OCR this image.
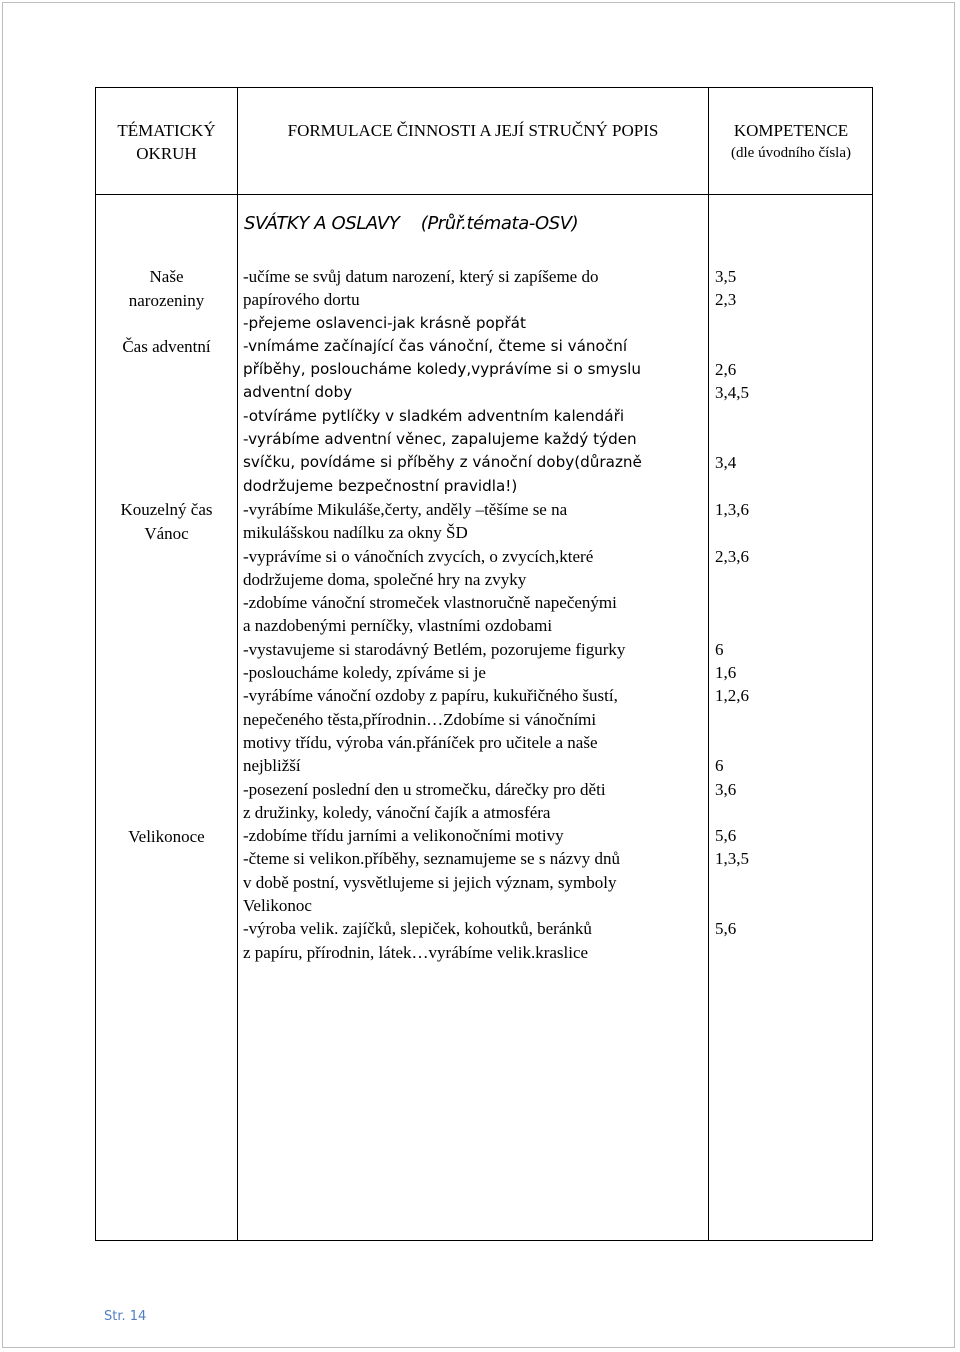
TÉMATICKÝ
OKRUH
FORMULACE ČINNOSTI A JEJÍ STRUČNÝ POPIS	KOMPETENCE
(dle úvodního čísla)
SVÁTKY A OSLAVY    (Průř.témata-OSV)
Naše
narozeniny
Čas adventní
Kouzelný čas
Vánoc
Velikonoce
-učíme se svůj datum narození, který si zapíšeme do
papírového dortu
-přejeme oslavenci-jak krásně popřát
-vnímáme začínající čas vánoční, čteme si vánoční
příběhy, posloucháme koledy,vyprávíme si o smyslu
adventní doby
-otvíráme pytlíčky v sladkém adventním kalendáři
-vyrábíme adventní věnec, zapalujeme každý týden
svíčku, povídáme si příběhy z vánoční doby(důrazně
dodržujeme bezpečnostní pravidla!)
-vyrábíme Mikuláše,čerty, anděly –těšíme se na
mikulášskou nadílku za okny ŠD
-vyprávíme si o vánočních zvycích, o zvycích,které
dodržujeme doma, společné hry na zvyky
-zdobíme vánoční stromeček vlastnoručně napečenými
a nazdobenými perníčky, vlastními ozdobami
-vystavujeme si starodávný Betlém, pozorujeme figurky
-posloucháme koledy, zpíváme si je
-vyrábíme vánoční ozdoby z papíru, kukuřičného šustí,
nepečeného těsta,přírodnin…Zdobíme si vánočními
motivy třídu, výroba ván.přáníček pro učitele a naše
nejbližší
-posezení poslední den u stromečku, dárečky pro děti
z družinky, koledy, vánoční čajík a atmosféra
-zdobíme třídu jarními a velikonočními motivy
-čteme si velikon.příběhy, seznamujeme se s názvy dnů
v době postní, vysvětlujeme si jejich význam, symboly
Velikonoc
-výroba velik. zajíčků, slepiček, kohoutků, beránků
z papíru, přírodnin, látek…vyrábíme velik.kraslice
3,5
2,3
2,6
3,4,5
3,4
1,3,6
2,3,6
6
1,6
1,2,6
6
3,6
5,6
1,3,5
5,6
Str. 14
